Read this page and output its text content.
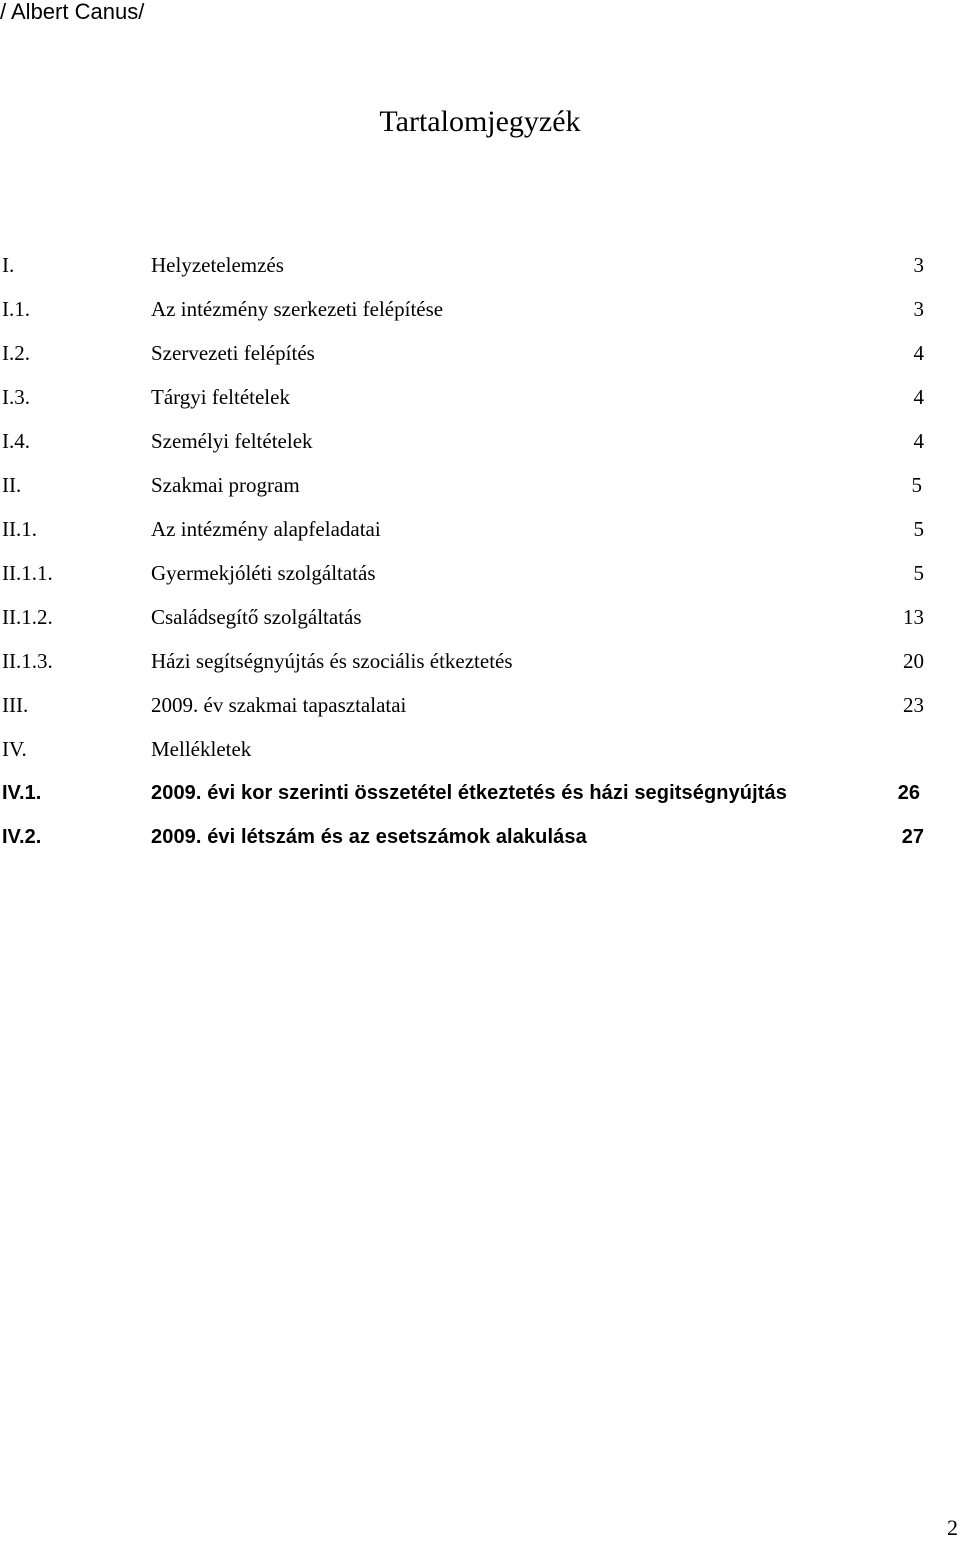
/ Albert Canus/
Tartalomjegyzék
I.	Helyzetelemzés	3
I.1.	Az intézmény szerkezeti felépítése	3
I.2.	Szervezeti felépítés	4
I.3.	Tárgyi feltételek	4
I.4.	Személyi feltételek	4
II.	Szakmai program	5
II.1.	Az intézmény alapfeladatai	5
II.1.1.	Gyermekjóléti szolgáltatás	5
II.1.2.	Családsegítő szolgáltatás	13
II.1.3.	Házi segítségnyújtás és szociális étkeztetés	20
III.	2009. év szakmai tapasztalatai	23
IV.	Mellékletek
IV.1.	2009. évi kor szerinti összetétel étkeztetés és házi segitségnyújtás	26
IV.2.	2009. évi létszám és az esetszámok alakulása	27
2
